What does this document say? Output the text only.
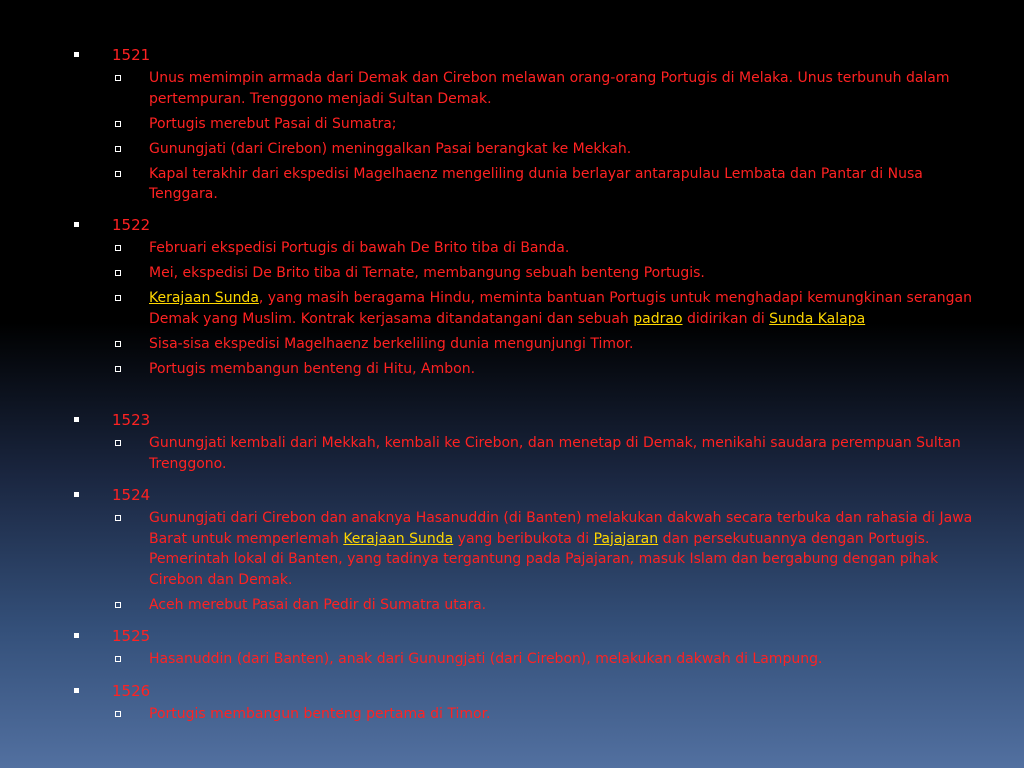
1521
Unus memimpin armada dari Demak dan Cirebon melawan orang-orang Portugis di Melaka. Unus terbunuh dalam pertempuran. Trenggono menjadi Sultan Demak.
Portugis merebut Pasai di Sumatra;
Gunungjati (dari Cirebon) meninggalkan Pasai berangkat ke Mekkah.
Kapal terakhir dari ekspedisi Magelhaenz mengeliling dunia berlayar antarapulau Lembata dan Pantar di Nusa Tenggara.
1522
Februari ekspedisi Portugis di bawah De Brito tiba di Banda.
Mei, ekspedisi De Brito tiba di Ternate, membangung sebuah benteng Portugis.
Kerajaan Sunda, yang masih beragama Hindu, meminta bantuan Portugis untuk menghadapi kemungkinan serangan Demak yang Muslim. Kontrak kerjasama ditandatangani dan sebuah padrao didirikan di Sunda Kalapa
Sisa-sisa ekspedisi Magelhaenz berkeliling dunia mengunjungi Timor.
Portugis membangun benteng di Hitu, Ambon.
1523
Gunungjati kembali dari Mekkah, kembali ke Cirebon, dan menetap di Demak, menikahi saudara perempuan Sultan Trenggono.
1524
Gunungjati dari Cirebon dan anaknya Hasanuddin (di Banten) melakukan dakwah secara terbuka dan rahasia di Jawa Barat untuk memperlemah Kerajaan Sunda yang beribukota di Pajajaran dan persekutuannya dengan Portugis. Pemerintah lokal di Banten, yang tadinya tergantung pada Pajajaran, masuk Islam dan bergabung dengan pihak Cirebon dan Demak.
Aceh merebut Pasai dan Pedir di Sumatra utara.
1525
Hasanuddin (dari Banten), anak dari Gunungjati (dari Cirebon), melakukan dakwah di Lampung.
1526
Portugis membangun benteng pertama di Timor.
